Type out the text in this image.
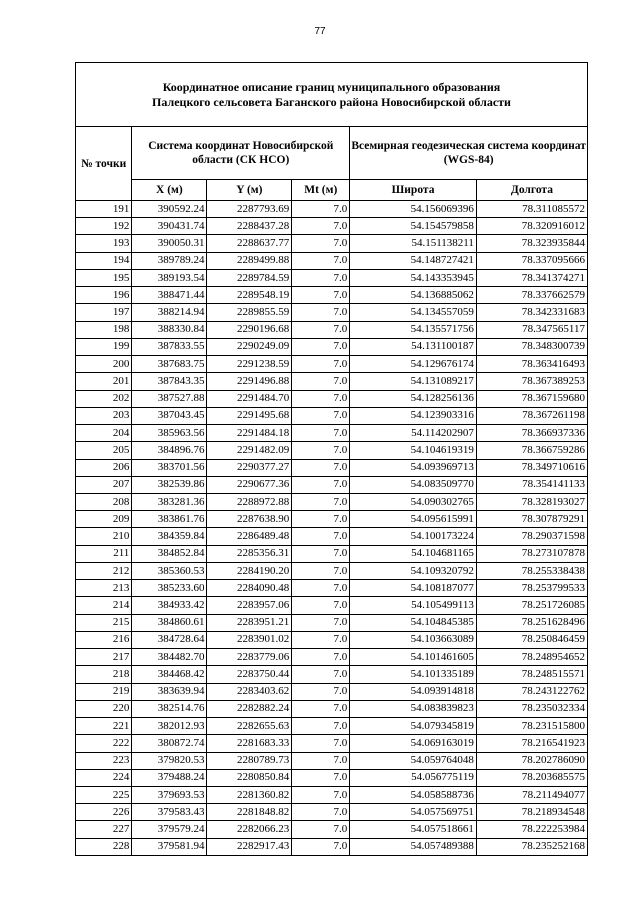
77
Координатное описание границ муниципального образования
Палецкого сельсовета Баганского района Новосибирской области
№ точки	Система координат Новосибирской области (СК НСО)			Всемирная геодезическая система координат (WGS-84)	
	X (м)	Y (м)	Mt (м)	Широта	Долгота
191	390592.24	2287793.69	7.0	54.156069396	78.311085572
192	390431.74	2288437.28	7.0	54.154579858	78.320916012
193	390050.31	2288637.77	7.0	54.151138211	78.323935844
194	389789.24	2289499.88	7.0	54.148727421	78.337095666
195	389193.54	2289784.59	7.0	54.143353945	78.341374271
196	388471.44	2289548.19	7.0	54.136885062	78.337662579
197	388214.94	2289855.59	7.0	54.134557059	78.342331683
198	388330.84	2290196.68	7.0	54.135571756	78.347565117
199	387833.55	2290249.09	7.0	54.131100187	78.348300739
200	387683.75	2291238.59	7.0	54.129676174	78.363416493
201	387843.35	2291496.88	7.0	54.131089217	78.367389253
202	387527.88	2291484.70	7.0	54.128256136	78.367159680
203	387043.45	2291495.68	7.0	54.123903316	78.367261198
204	385963.56	2291484.18	7.0	54.114202907	78.366937336
205	384896.76	2291482.09	7.0	54.104619319	78.366759286
206	383701.56	2290377.27	7.0	54.093969713	78.349710616
207	382539.86	2290677.36	7.0	54.083509770	78.354141133
208	383281.36	2288972.88	7.0	54.090302765	78.328193027
209	383861.76	2287638.90	7.0	54.095615991	78.307879291
210	384359.84	2286489.48	7.0	54.100173224	78.290371598
211	384852.84	2285356.31	7.0	54.104681165	78.273107878
212	385360.53	2284190.20	7.0	54.109320792	78.255338438
213	385233.60	2284090.48	7.0	54.108187077	78.253799533
214	384933.42	2283957.06	7.0	54.105499113	78.251726085
215	384860.61	2283951.21	7.0	54.104845385	78.251628496
216	384728.64	2283901.02	7.0	54.103663089	78.250846459
217	384482.70	2283779.06	7.0	54.101461605	78.248954652
218	384468.42	2283750.44	7.0	54.101335189	78.248515571
219	383639.94	2283403.62	7.0	54.093914818	78.243122762
220	382514.76	2282882.24	7.0	54.083839823	78.235032334
221	382012.93	2282655.63	7.0	54.079345819	78.231515800
222	380872.74	2281683.33	7.0	54.069163019	78.216541923
223	379820.53	2280789.73	7.0	54.059764048	78.202786090
224	379488.24	2280850.84	7.0	54.056775119	78.203685575
225	379693.53	2281360.82	7.0	54.058588736	78.211494077
226	379583.43	2281848.82	7.0	54.057569751	78.218934548
227	379579.24	2282066.23	7.0	54.057518661	78.222253984
228	379581.94	2282917.43	7.0	54.057489388	78.235252168
